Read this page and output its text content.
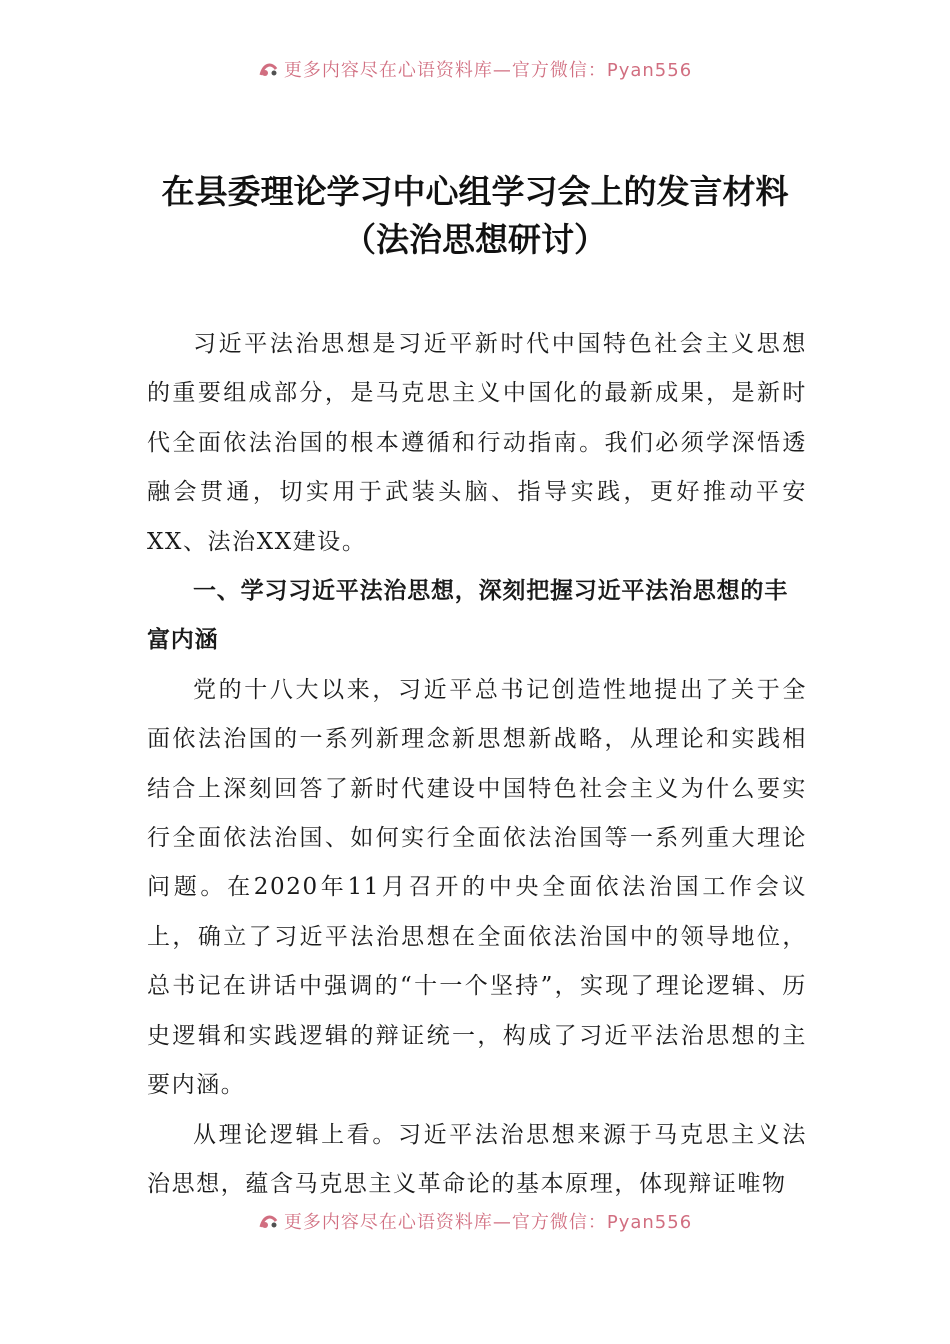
更多内容尽在心语资料库—官方微信：Pyan556
在县委理论学习中心组学习会上的发言材料（法治思想研讨）

习近平法治思想是习近平新时代中国特色社会主义思想的重要组成部分，是马克思主义中国化的最新成果，是新时代全面依法治国的根本遵循和行动指南。我们必须学深悟透融会贯通，切实用于武装头脑、指导实践，更好推动平安XX、法治XX建设。

一、学习习近平法治思想，深刻把握习近平法治思想的丰富内涵

党的十八大以来，习近平总书记创造性地提出了关于全面依法治国的一系列新理念新思想新战略，从理论和实践相结合上深刻回答了新时代建设中国特色社会主义为什么要实行全面依法治国、如何实行全面依法治国等一系列重大理论问题。在2020年11月召开的中央全面依法治国工作会议上，确立了习近平法治思想在全面依法治国中的领导地位，总书记在讲话中强调的“十一个坚持”，实现了理论逻辑、历史逻辑和实践逻辑的辩证统一，构成了习近平法治思想的主要内涵。

从理论逻辑上看。习近平法治思想来源于马克思主义法治思想，蕴含马克思主义革命论的基本原理，体现辩证唯物

更多内容尽在心语资料库—官方微信：Pyan556
